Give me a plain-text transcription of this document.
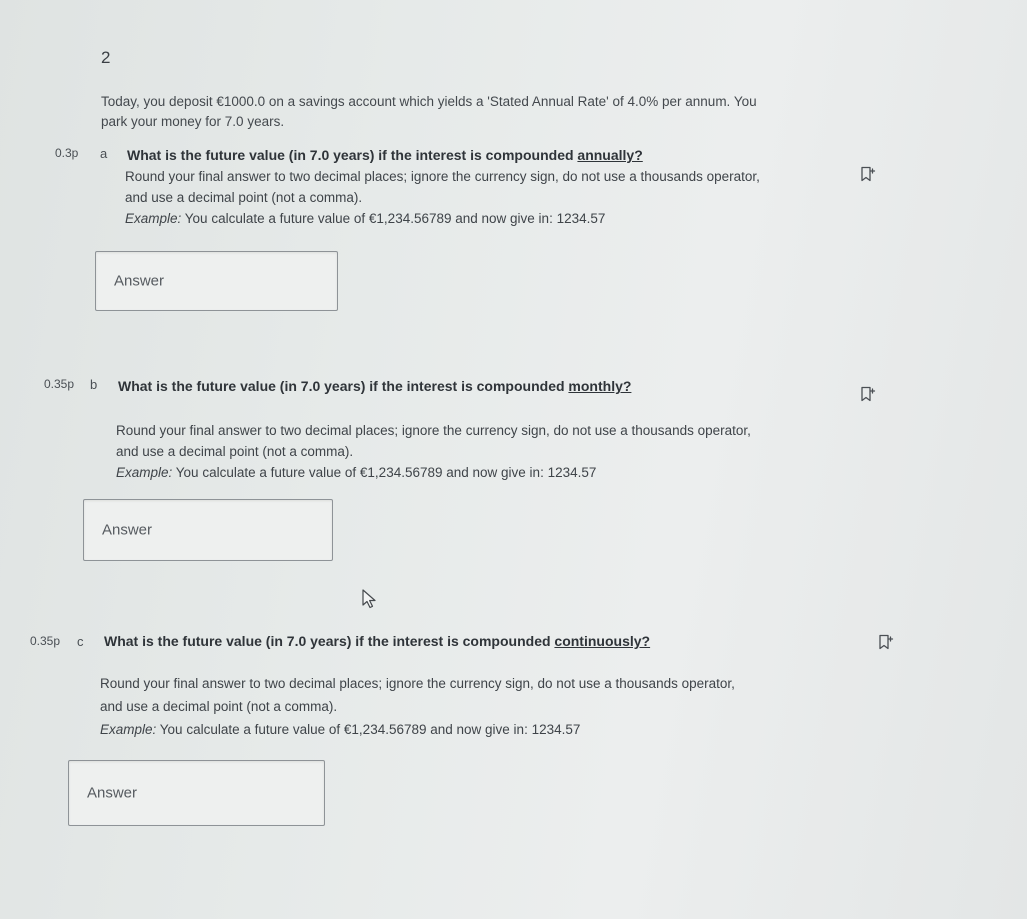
2
Today, you deposit €1000.0 on a savings account which yields a 'Stated Annual Rate' of 4.0% per annum. You
park your money for 7.0 years.
0.3p a What is the future value (in 7.0 years) if the interest is compounded annually?
Round your final answer to two decimal places; ignore the currency sign, do not use a thousands operator,
and use a decimal point (not a comma).
Example: You calculate a future value of €1,234.56789 and now give in: 1234.57
Answer
0.35p b What is the future value (in 7.0 years) if the interest is compounded monthly?
Round your final answer to two decimal places; ignore the currency sign, do not use a thousands operator,
and use a decimal point (not a comma).
Example: You calculate a future value of €1,234.56789 and now give in: 1234.57
Answer
0.35p c What is the future value (in 7.0 years) if the interest is compounded continuously?
Round your final answer to two decimal places; ignore the currency sign, do not use a thousands operator,
and use a decimal point (not a comma).
Example: You calculate a future value of €1,234.56789 and now give in: 1234.57
Answer
